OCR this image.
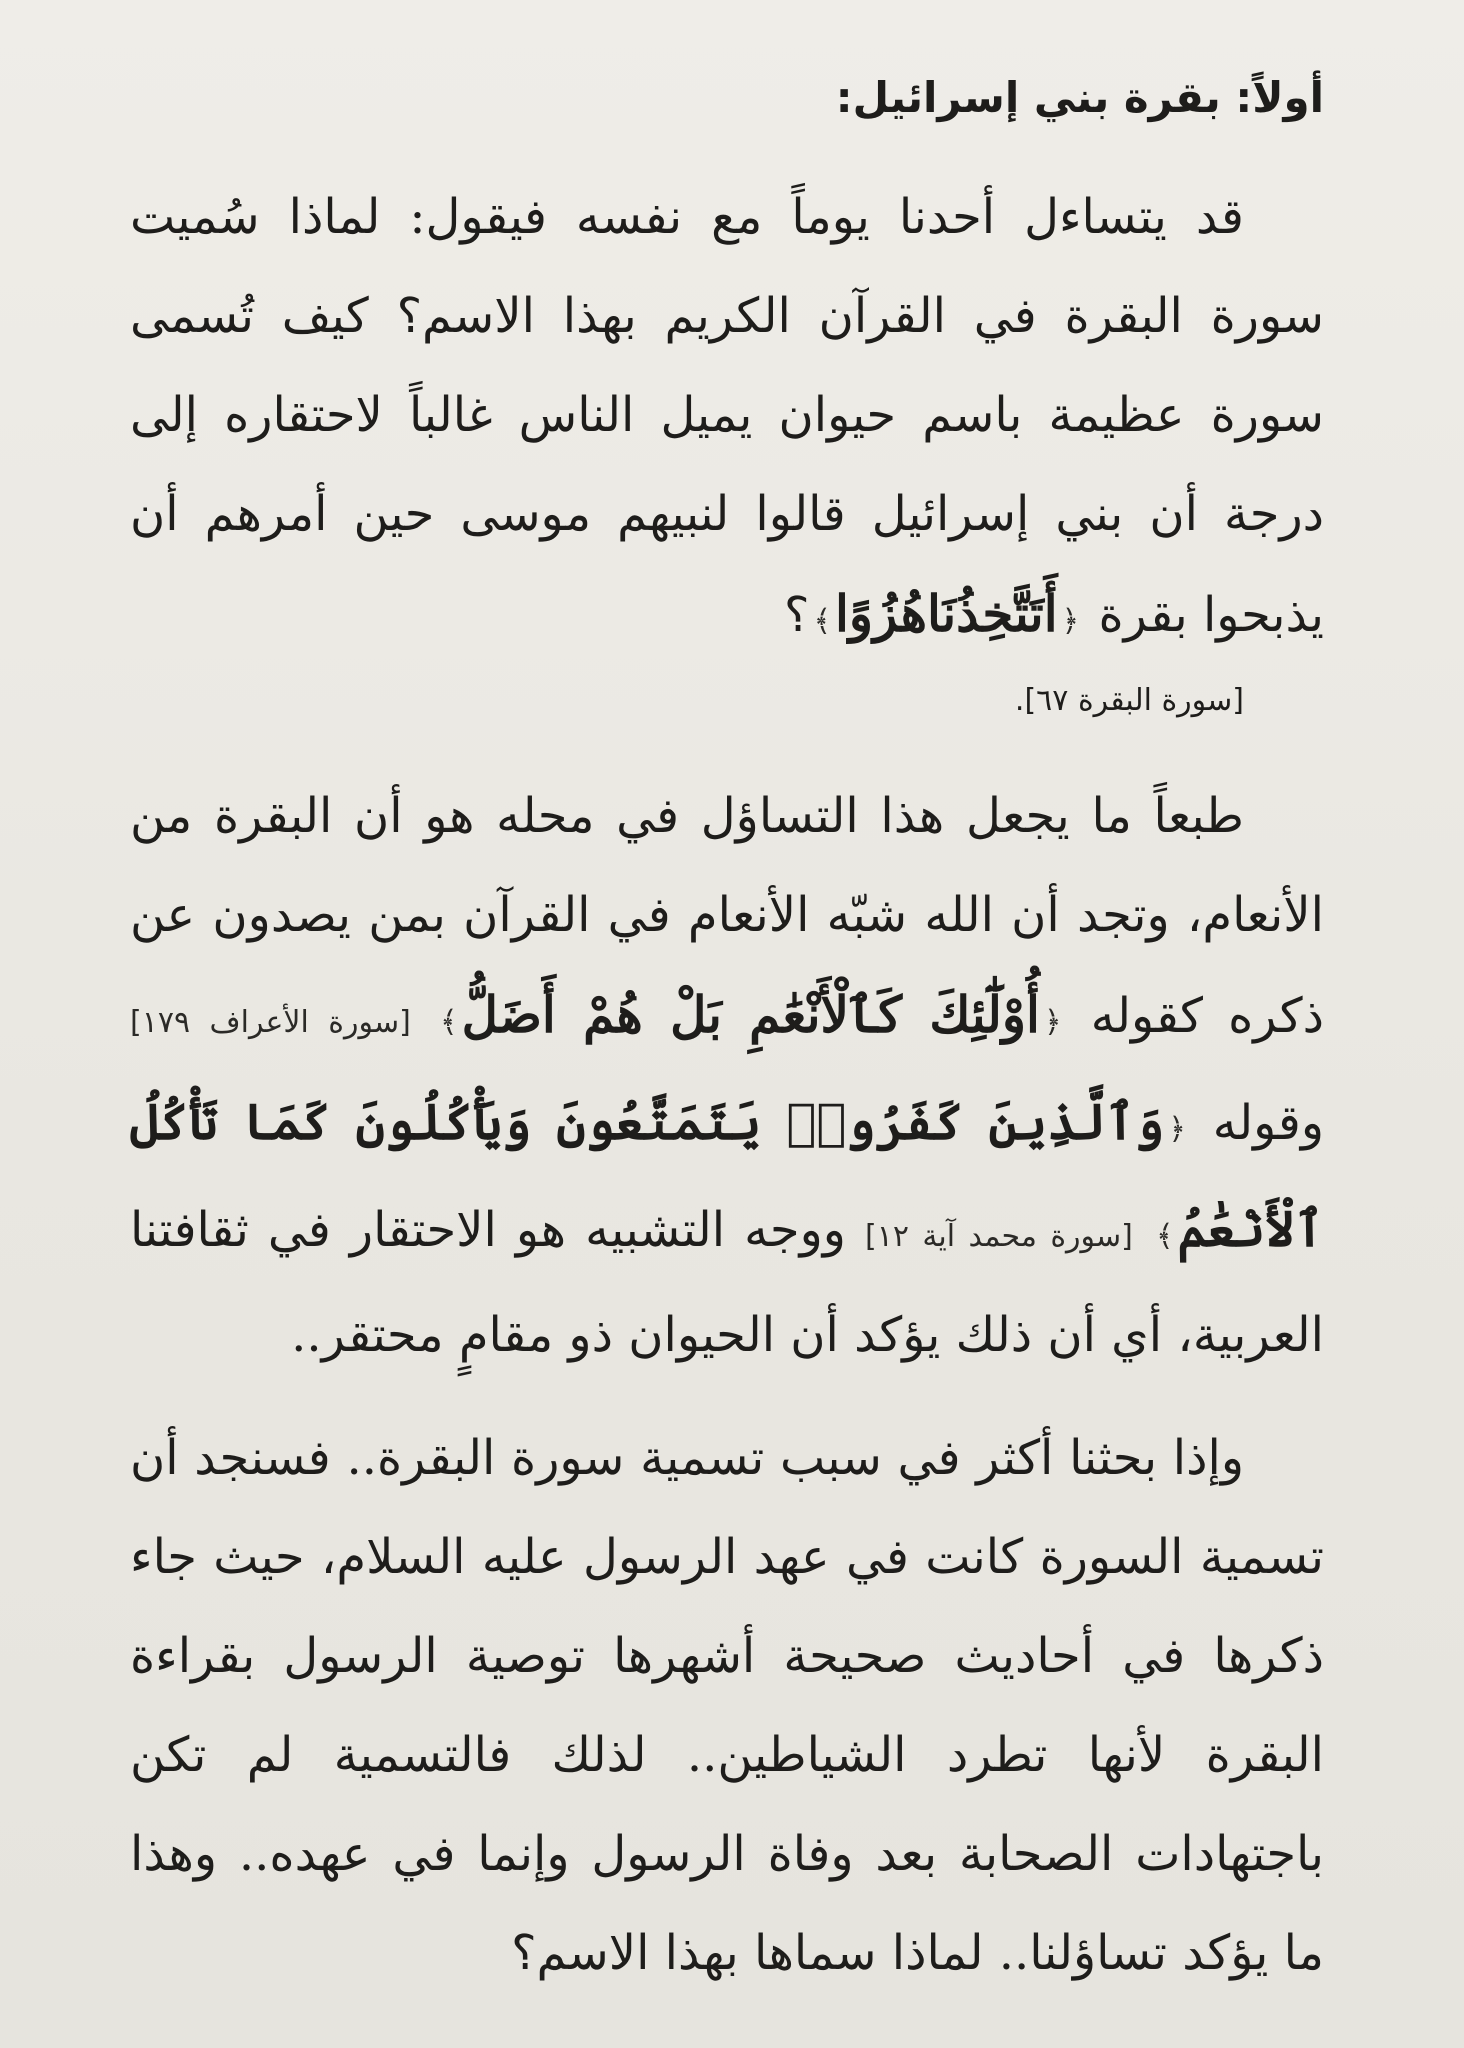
أولاً: بقرة بني إسرائيل:

قد يتساءل أحدنا يوماً مع نفسه فيقول: لماذا سُميت سورة البقرة في القرآن الكريم بهذا الاسم؟ كيف تُسمى سورة عظيمة باسم حيوان يميل الناس غالباً لاحتقاره إلى درجة أن بني إسرائيل قالوا لنبيهم موسى حين أمرهم أن يذبحوا بقرة ﴿أَتَتَّخِذُنَاهُزُوًا﴾؟
[سورة البقرة ٦٧].

طبعاً ما يجعل هذا التساؤل في محله هو أن البقرة من الأنعام، وتجد أن الله شبّه الأنعام في القرآن بمن يصدون عن ذكره كقوله ﴿أُوْلَٰٓئِكَ كَٱلْأَنْعَٰمِ بَلْ هُمْ أَضَلُّ﴾ [سورة الأعراف ١٧٩] وقوله ﴿وَٱلَّذِينَ كَفَرُوا۟ يَتَمَتَّعُونَ وَيَأْكُلُونَ كَمَا تَأْكُلُ ٱلْأَنْعَٰمُ﴾ [سورة محمد آية ١٢] ووجه التشبيه هو الاحتقار في ثقافتنا العربية، أي أن ذلك يؤكد أن الحيوان ذو مقامٍ محتقر..

وإذا بحثنا أكثر في سبب تسمية سورة البقرة.. فسنجد أن تسمية السورة كانت في عهد الرسول عليه السلام، حيث جاء ذكرها في أحاديث صحيحة أشهرها توصية الرسول بقراءة البقرة لأنها تطرد الشياطين.. لذلك فالتسمية لم تكن باجتهادات الصحابة بعد وفاة الرسول وإنما في عهده.. وهذا ما يؤكد تساؤلنا.. لماذا سماها بهذا الاسم؟
